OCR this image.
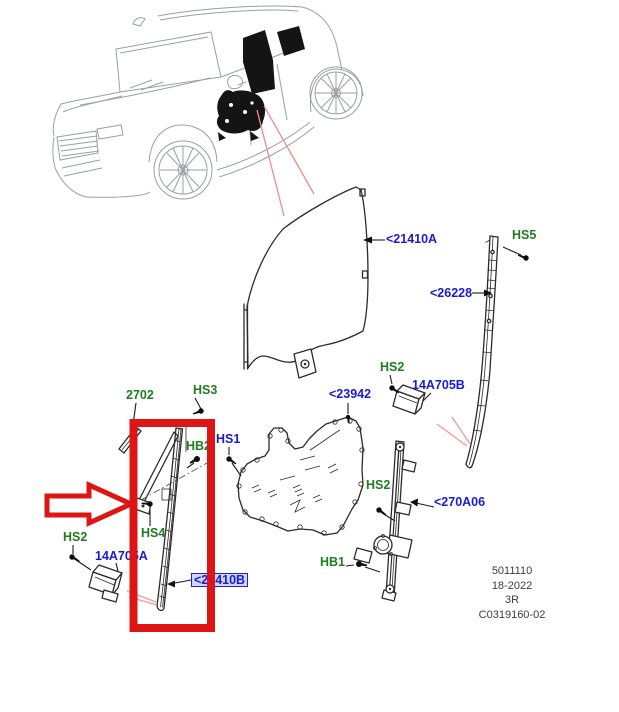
2702	HS3
HB2 HS1
HS4
HS2
14A705A
<21410B
<23942
<21410A
<26228
HS5
HS2
14A705B
HS2
<270A06
HB1
5011110
18-2022
3R
C0319160-02
